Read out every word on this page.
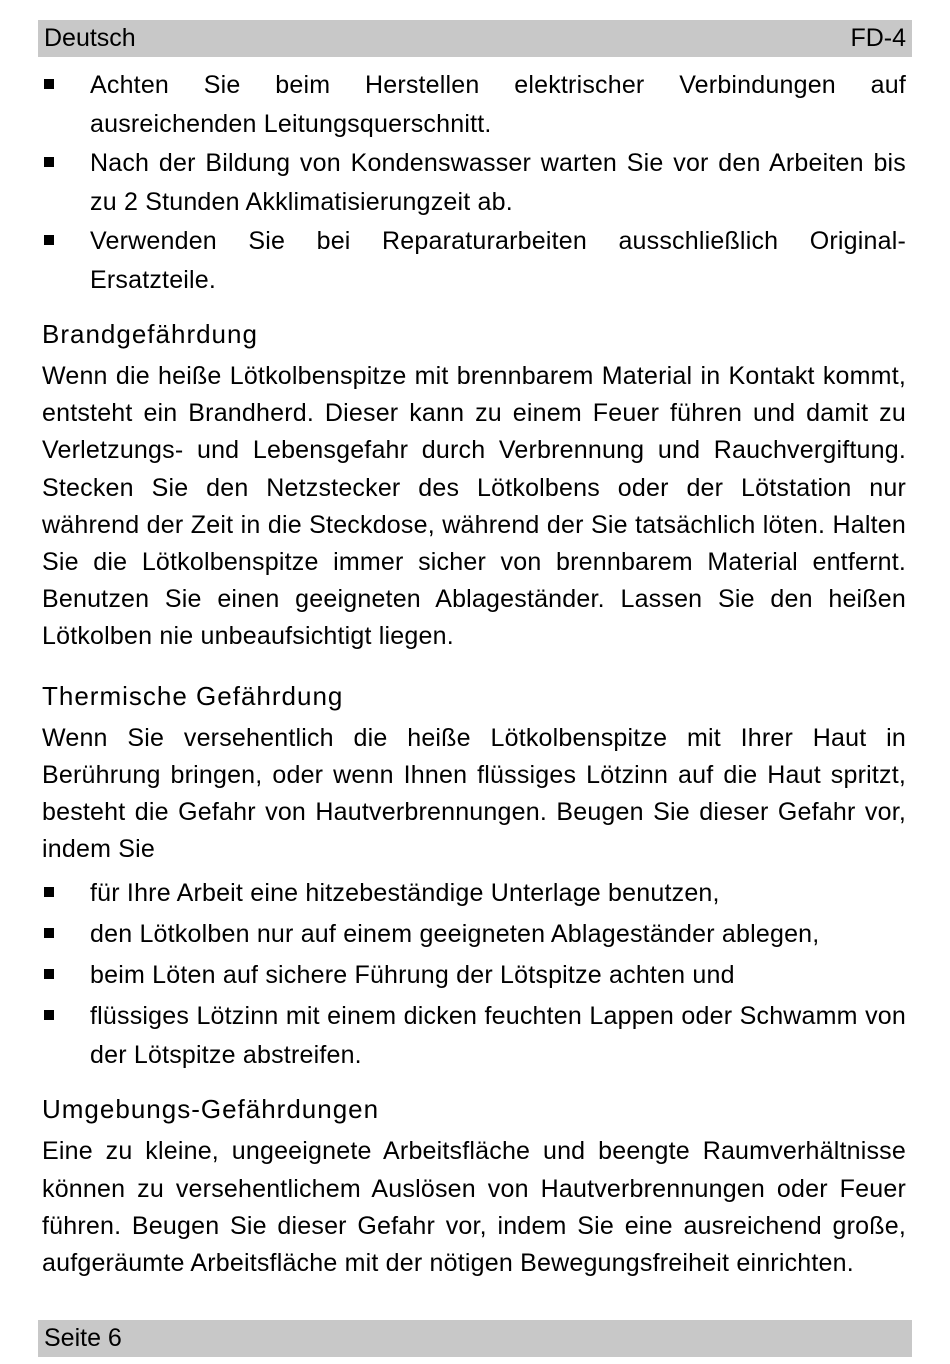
Deutsch	FD-4
Achten Sie beim Herstellen elektrischer Verbindungen auf ausreichenden Leitungsquerschnitt.
Nach der Bildung von Kondenswasser warten Sie vor den Arbeiten bis zu 2 Stunden Akklimatisierungzeit ab.
Verwenden Sie bei Reparaturarbeiten ausschließlich Original-Ersatzteile.
Brandgefährdung

Wenn die heiße Lötkolbenspitze mit brennbarem Material in Kontakt kommt, entsteht ein Brandherd. Dieser kann zu einem Feuer führen und damit zu Verletzungs- und Lebensgefahr durch Verbrennung und Rauchvergiftung. Stecken Sie den Netzstecker des Lötkolbens oder der Lötstation nur während der Zeit in die Steckdose, während der Sie tatsächlich löten. Halten Sie die Lötkolbenspitze immer sicher von brennbarem Material entfernt. Benutzen Sie einen geeigneten Ablageständer. Lassen Sie den heißen Lötkolben nie unbeaufsichtigt liegen.

Thermische Gefährdung

Wenn Sie versehentlich die heiße Lötkolbenspitze mit Ihrer Haut in Berührung bringen, oder wenn Ihnen flüssiges Lötzinn auf die Haut spritzt, besteht die Gefahr von Hautverbrennungen. Beugen Sie dieser Gefahr vor, indem Sie

für Ihre Arbeit eine hitzebeständige Unterlage benutzen,
den Lötkolben nur auf einem geeigneten Ablageständer ablegen,
beim Löten auf sichere Führung der Lötspitze achten und
flüssiges Lötzinn mit einem dicken feuchten Lappen oder Schwamm von der Lötspitze abstreifen.
Umgebungs-Gefährdungen

Eine zu kleine, ungeeignete Arbeitsfläche und beengte Raumverhältnisse können zu versehentlichem Auslösen von Hautverbrennungen oder Feuer führen. Beugen Sie dieser Gefahr vor, indem Sie eine ausreichend große, aufgeräumte Arbeitsfläche mit der nötigen Bewegungsfreiheit einrichten.

Seite 6
